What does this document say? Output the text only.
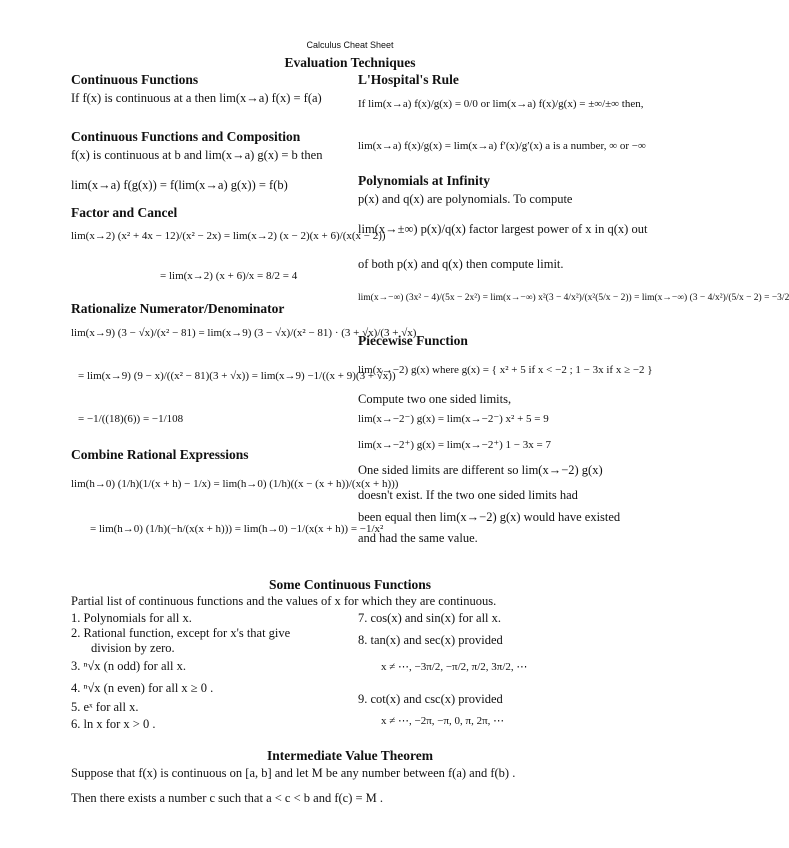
Calculus Cheat Sheet
Evaluation Techniques
Continuous Functions
If f(x) is continuous at a then lim(x→a) f(x) = f(a)
Continuous Functions and Composition
f(x) is continuous at b and lim(x→a) g(x) = b then
lim(x→a) f(g(x)) = f(lim(x→a) g(x)) = f(b)
Factor and Cancel
lim(x→2) (x² + 4x − 12)/(x² − 2x) = lim(x→2) (x − 2)(x + 6)/(x(x − 2))
= lim(x→2) (x + 6)/x = 8/2 = 4
Rationalize Numerator/Denominator
lim(x→9) (3 − √x)/(x² − 81) = lim(x→9) (3 − √x)/(x² − 81) · (3 + √x)/(3 + √x)
= lim(x→9) (9 − x)/((x² − 81)(3 + √x)) = lim(x→9) −1/((x + 9)(3 + √x))
= −1/((18)(6)) = −1/108
Combine Rational Expressions
lim(h→0) (1/h)(1/(x + h) − 1/x) = lim(h→0) (1/h)((x − (x + h))/(x(x + h)))
= lim(h→0) (1/h)(−h/(x(x + h))) = lim(h→0) −1/(x(x + h)) = −1/x²
L'Hospital's Rule
If lim(x→a) f(x)/g(x) = 0/0 or lim(x→a) f(x)/g(x) = ±∞/±∞ then,
lim(x→a) f(x)/g(x) = lim(x→a) f′(x)/g′(x) a is a number, ∞ or −∞
Polynomials at Infinity
p(x) and q(x) are polynomials. To compute
lim(x→±∞) p(x)/q(x) factor largest power of x in q(x) out
of both p(x) and q(x) then compute limit.
lim(x→−∞) (3x² − 4)/(5x − 2x²) = lim(x→−∞) x²(3 − 4/x²)/(x²(5/x − 2)) = lim(x→−∞) (3 − 4/x²)/(5/x − 2) = −3/2
Piecewise Function
lim(x→−2) g(x) where g(x) = { x² + 5 if x < −2 ; 1 − 3x if x ≥ −2 }
Compute two one sided limits,
lim(x→−2⁻) g(x) = lim(x→−2⁻) x² + 5 = 9
lim(x→−2⁺) g(x) = lim(x→−2⁺) 1 − 3x = 7
One sided limits are different so lim(x→−2) g(x)
doesn't exist. If the two one sided limits had
been equal then lim(x→−2) g(x) would have existed
and had the same value.
Some Continuous Functions
Partial list of continuous functions and the values of x for which they are continuous.
1. Polynomials for all x.
2. Rational function, except for x's that give
division by zero.
3. ⁿ√x (n odd) for all x.
4. ⁿ√x (n even) for all x ≥ 0 .
5. eˣ for all x.
6. ln x for x > 0 .
7. cos(x) and sin(x) for all x.
8. tan(x) and sec(x) provided
x ≠ ⋯, −3π/2, −π/2, π/2, 3π/2, ⋯
9. cot(x) and csc(x) provided
x ≠ ⋯, −2π, −π, 0, π, 2π, ⋯
Intermediate Value Theorem
Suppose that f(x) is continuous on [a, b] and let M be any number between f(a) and f(b) .
Then there exists a number c such that a < c < b and f(c) = M .
